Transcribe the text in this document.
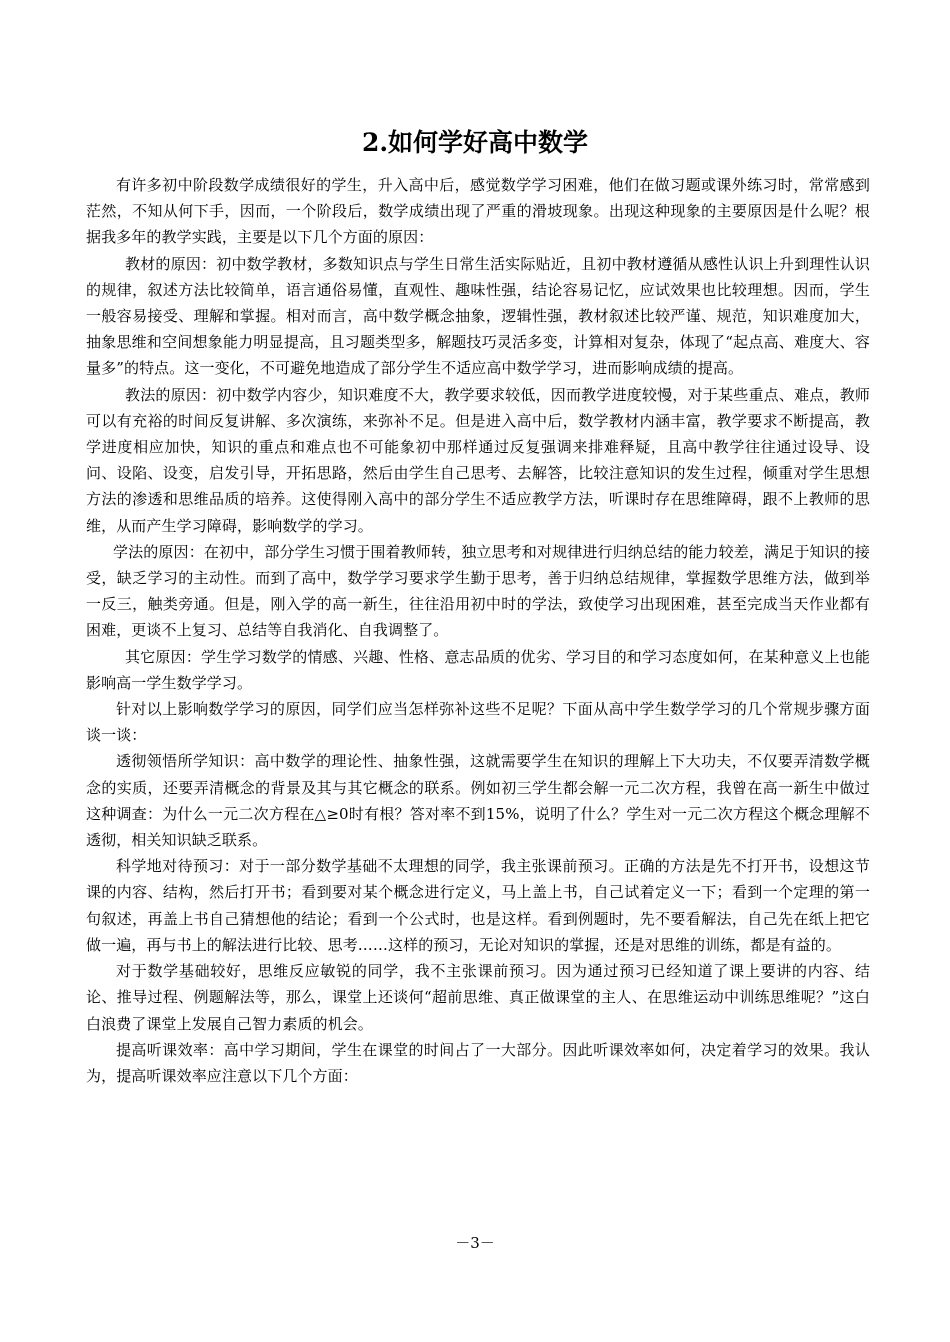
2.如何学好高中数学

有许多初中阶段数学成绩很好的学生，升入高中后，感觉数学学习困难，他们在做习题或课外练习时，常常感到茫然，不知从何下手，因而，一个阶段后，数学成绩出现了严重的滑坡现象。出现这种现象的主要原因是什么呢？根据我多年的教学实践，主要是以下几个方面的原因：

教材的原因：初中数学教材，多数知识点与学生日常生活实际贴近，且初中教材遵循从感性认识上升到理性认识的规律，叙述方法比较简单，语言通俗易懂，直观性、趣味性强，结论容易记忆，应试效果也比较理想。因而，学生一般容易接受、理解和掌握。相对而言，高中数学概念抽象，逻辑性强，教材叙述比较严谨、规范，知识难度加大，抽象思维和空间想象能力明显提高，且习题类型多，解题技巧灵活多变，计算相对复杂，体现了“起点高、难度大、容量多”的特点。这一变化，不可避免地造成了部分学生不适应高中数学学习，进而影响成绩的提高。

教法的原因：初中数学内容少，知识难度不大，教学要求较低，因而教学进度较慢，对于某些重点、难点，教师可以有充裕的时间反复讲解、多次演练，来弥补不足。但是进入高中后，数学教材内涵丰富，教学要求不断提高，教学进度相应加快，知识的重点和难点也不可能象初中那样通过反复强调来排难释疑，且高中教学往往通过设导、设问、设陷、设变，启发引导，开拓思路，然后由学生自己思考、去解答，比较注意知识的发生过程，倾重对学生思想方法的渗透和思维品质的培养。这使得刚入高中的部分学生不适应教学方法，听课时存在思维障碍，跟不上教师的思维，从而产生学习障碍，影响数学的学习。

学法的原因：在初中，部分学生习惯于围着教师转，独立思考和对规律进行归纳总结的能力较差，满足于知识的接受，缺乏学习的主动性。而到了高中，数学学习要求学生勤于思考，善于归纳总结规律，掌握数学思维方法，做到举一反三，触类旁通。但是，刚入学的高一新生，往往沿用初中时的学法，致使学习出现困难，甚至完成当天作业都有困难，更谈不上复习、总结等自我消化、自我调整了。

其它原因：学生学习数学的情感、兴趣、性格、意志品质的优劣、学习目的和学习态度如何，在某种意义上也能影响高一学生数学学习。

针对以上影响数学学习的原因，同学们应当怎样弥补这些不足呢？下面从高中学生数学学习的几个常规步骤方面谈一谈：

透彻领悟所学知识：高中数学的理论性、抽象性强，这就需要学生在知识的理解上下大功夫，不仅要弄清数学概念的实质，还要弄清概念的背景及其与其它概念的联系。例如初三学生都会解一元二次方程，我曾在高一新生中做过这种调查：为什么一元二次方程在△≥0时有根？答对率不到15%，说明了什么？学生对一元二次方程这个概念理解不透彻，相关知识缺乏联系。

科学地对待预习：对于一部分数学基础不太理想的同学，我主张课前预习。正确的方法是先不打开书，设想这节课的内容、结构，然后打开书；看到要对某个概念进行定义，马上盖上书，自己试着定义一下；看到一个定理的第一句叙述，再盖上书自己猜想他的结论；看到一个公式时，也是这样。看到例题时，先不要看解法，自己先在纸上把它做一遍，再与书上的解法进行比较、思考……这样的预习，无论对知识的掌握，还是对思维的训练，都是有益的。

对于数学基础较好，思维反应敏锐的同学，我不主张课前预习。因为通过预习已经知道了课上要讲的内容、结论、推导过程、例题解法等，那么，课堂上还谈何“超前思维、真正做课堂的主人、在思维运动中训练思维呢？”这白白浪费了课堂上发展自己智力素质的机会。

提高听课效率：高中学习期间，学生在课堂的时间占了一大部分。因此听课效率如何，决定着学习的效果。我认为，提高听课效率应注意以下几个方面：

－3－
